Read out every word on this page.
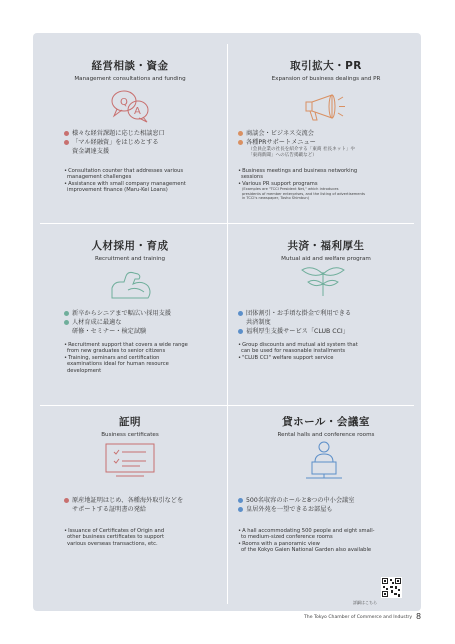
経営相談・資金
Management consultations and funding
Q
A
様々な経営課題に応じた相談窓口
「マル経融資」をはじめとする
資金調達支援
• Consultation counter that addresses various
management challenges
• Assistance with small company management
improvement finance (Maru-Kei Loans)
取引拡大・PR
Expansion of business dealings and PR
商談会・ビジネス交流会
各種PRサポートメニュー
（会員企業の社長を紹介する「東商 社長ネット」や
「東商新聞」への広告掲載など）
• Business meetings and business networking
sessions
• Various PR support programs
(Examples are "TCCI President Net," which introduces
presidents of member enterprises, and the listing of advertisements
in TCCI's newspaper, Tosho Shimbun)
人材採用・育成
Recruitment and training
新卒からシニアまで幅広い採用支援
人材育成に最適な
研修・セミナー・検定試験
• Recruitment support that covers a wide range
from new graduates to senior citizens
• Training, seminars and certification
examinations ideal for human resource
development
共済・福利厚生
Mutual aid and welfare program
団体割引・お手頃な掛金で利用できる
共済制度
福利厚生支援サービス「CLUB CCI」
• Group discounts and mutual aid system that
can be used for reasonable installments
• "CLUB CCI" welfare support service
証明
Business certificates
原産地証明はじめ、各種海外取引などを
サポートする証明書の発給
• Issuance of Certificates of Origin and
other business certificates to support
various overseas transactions, etc.
貸ホール・会議室
Rental halls and conference rooms
500名収容のホールと8つの中小会議室
皇居外苑を一望できるお部屋も
• A hall accommodating 500 people and eight small-
to medium-sized conference rooms
• Rooms with a panoramic view
of the Kokyo Gaien National Garden also available
詳細はこちら
The Tokyo Chamber of Commerce and Industry 8
